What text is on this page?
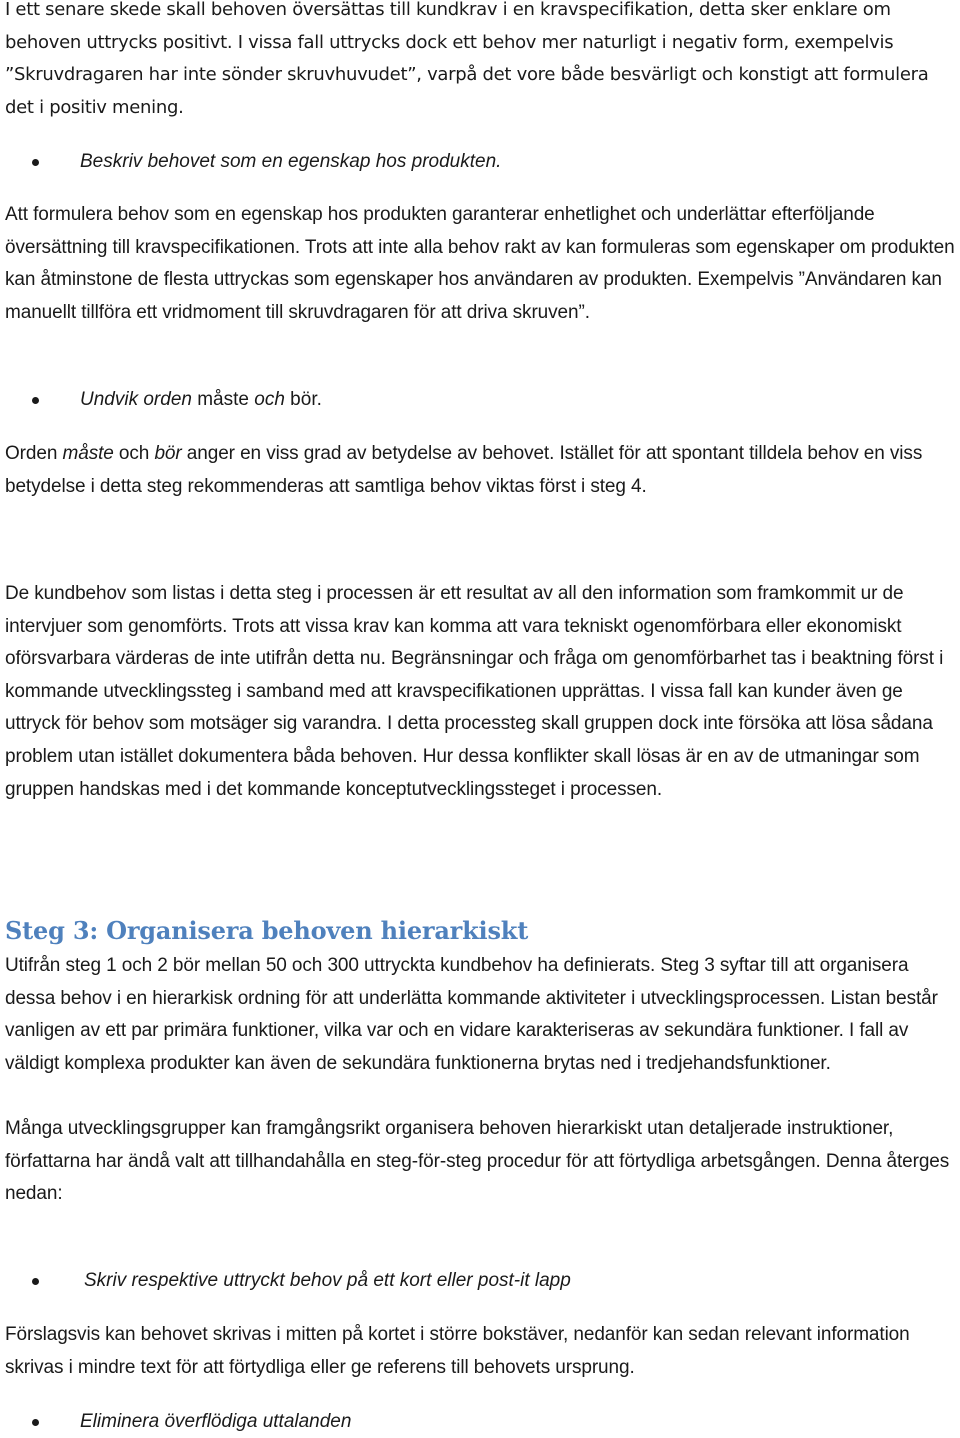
I ett senare skede skall behoven översättas till kundkrav i en kravspecifikation, detta sker enklare om behoven uttrycks positivt. I vissa fall uttrycks dock ett behov mer naturligt i negativ form, exempelvis ”Skruvdragaren har inte sönder skruvhuvudet”, varpå det vore både besvärligt och konstigt att formulera det i positiv mening.

Beskriv behovet som en egenskap hos produkten.

Att formulera behov som en egenskap hos produkten garanterar enhetlighet och underlättar efterföljande översättning till kravspecifikationen. Trots att inte alla behov rakt av kan formuleras som egenskaper om produkten kan åtminstone de flesta uttryckas som egenskaper hos användaren av produkten. Exempelvis ”Användaren kan manuellt tillföra ett vridmoment till skruvdragaren för att driva skruven”.

Undvik orden måste och bör.

Orden måste och bör anger en viss grad av betydelse av behovet. Istället för att spontant tilldela behov en viss betydelse i detta steg rekommenderas att samtliga behov viktas först i steg 4.

De kundbehov som listas i detta steg i processen är ett resultat av all den information som framkommit ur de intervjuer som genomförts. Trots att vissa krav kan komma att vara tekniskt ogenomförbara eller ekonomiskt oförsvarbara värderas de inte utifrån detta nu. Begränsningar och fråga om genomförbarhet tas i beaktning först i kommande utvecklingssteg i samband med att kravspecifikationen upprättas. I vissa fall kan kunder även ge uttryck för behov som motsäger sig varandra. I detta processteg skall gruppen dock inte försöka att lösa sådana problem utan istället dokumentera båda behoven. Hur dessa konflikter skall lösas är en av de utmaningar som gruppen handskas med i det kommande konceptutvecklingssteget i processen.

Steg 3: Organisera behoven hierarkiskt

Utifrån steg 1 och 2 bör mellan 50 och 300 uttryckta kundbehov ha definierats. Steg 3 syftar till att organisera dessa behov i en hierarkisk ordning för att underlätta kommande aktiviteter i utvecklingsprocessen. Listan består vanligen av ett par primära funktioner, vilka var och en vidare karakteriseras av sekundära funktioner. I fall av väldigt komplexa produkter kan även de sekundära funktionerna brytas ned i tredjehandsfunktioner.

Många utvecklingsgrupper kan framgångsrikt organisera behoven hierarkiskt utan detaljerade instruktioner, författarna har ändå valt att tillhandahålla en steg-för-steg procedur för att förtydliga arbetsgången. Denna återges nedan:

Skriv respektive uttryckt behov på ett kort eller post-it lapp

Förslagsvis kan behovet skrivas i mitten på kortet i större bokstäver, nedanför kan sedan relevant information skrivas i mindre text för att förtydliga eller ge referens till behovets ursprung.

Eliminera överflödiga uttalanden
